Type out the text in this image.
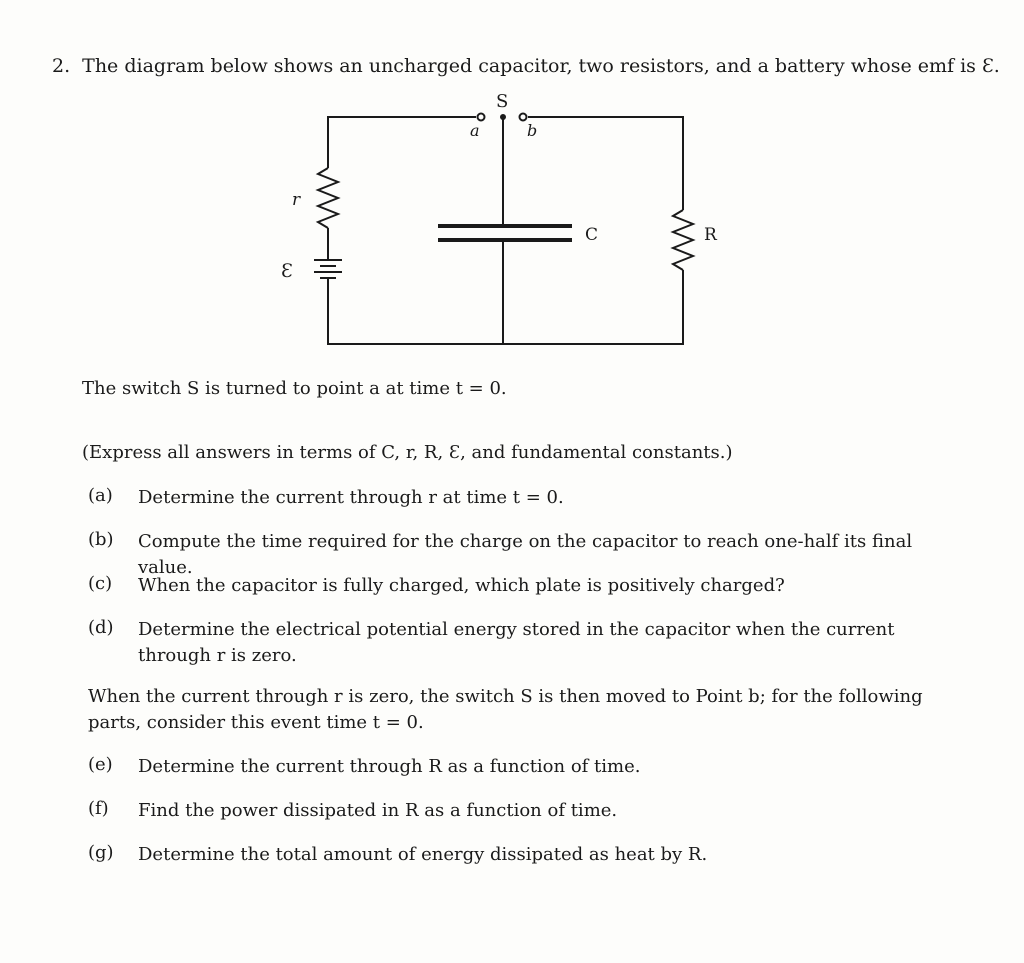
2. The diagram below shows an uncharged capacitor, two resistors, and a battery whose emf is Ɛ.
S
a	b
r
Ɛ
C	R
The switch S is turned to point a at time t = 0.
(Express all answers in terms of C, r, R, Ɛ, and fundamental constants.)
(a) Determine the current through r at time t = 0.
(b) Compute the time required for the charge on the capacitor to reach one-half its final value.
(c) When the capacitor is fully charged, which plate is positively charged?
(d) Determine the electrical potential energy stored in the capacitor when the current through r is zero.
When the current through r is zero, the switch S is then moved to Point b; for the following parts, consider this event time t = 0.
(e) Determine the current through R as a function of time.
(f) Find the power dissipated in R as a function of time.
(g) Determine the total amount of energy dissipated as heat by R.
